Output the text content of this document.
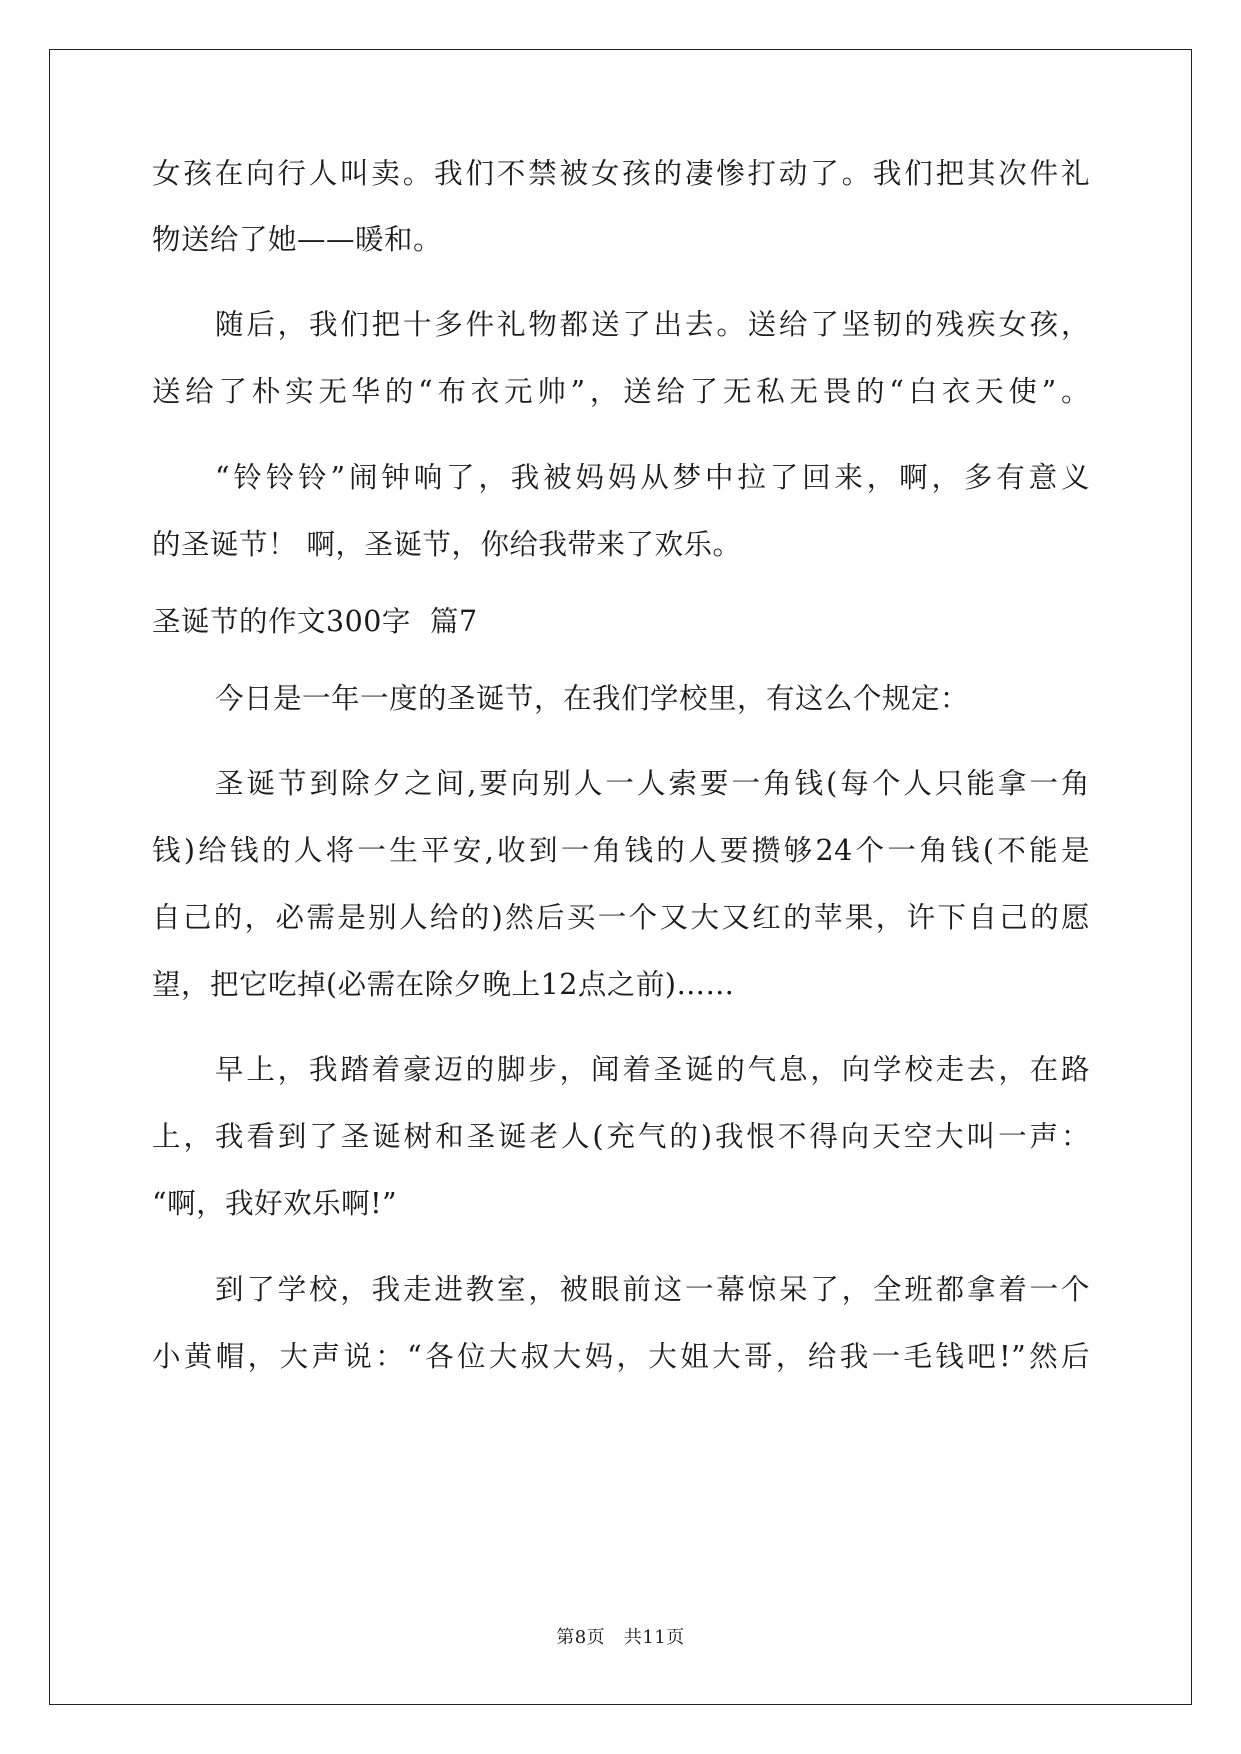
女孩在向行人叫卖。我们不禁被女孩的凄惨打动了。我们把其次件礼
物送给了她——暖和。
随后，我们把十多件礼物都送了出去。送给了坚韧的残疾女孩，
送给了朴实无华的“布衣元帅”，送给了无私无畏的“白衣天使”。
“铃铃铃”闹钟响了，我被妈妈从梦中拉了回来，啊，多有意义
的圣诞节！ 啊，圣诞节，你给我带来了欢乐。
圣诞节的作文300字  篇7
今日是一年一度的圣诞节，在我们学校里，有这么个规定：
圣诞节到除夕之间,要向别人一人索要一角钱(每个人只能拿一角
钱)给钱的人将一生平安,收到一角钱的人要攒够24个一角钱(不能是
自己的，必需是别人给的)然后买一个又大又红的苹果，许下自己的愿
望，把它吃掉(必需在除夕晚上12点之前)……
早上，我踏着豪迈的脚步，闻着圣诞的气息，向学校走去，在路
上，我看到了圣诞树和圣诞老人(充气的)我恨不得向天空大叫一声：
“啊，我好欢乐啊!”
到了学校，我走进教室，被眼前这一幕惊呆了，全班都拿着一个
小黄帽，大声说：“各位大叔大妈，大姐大哥，给我一毛钱吧!”然后
第8页   共11页
